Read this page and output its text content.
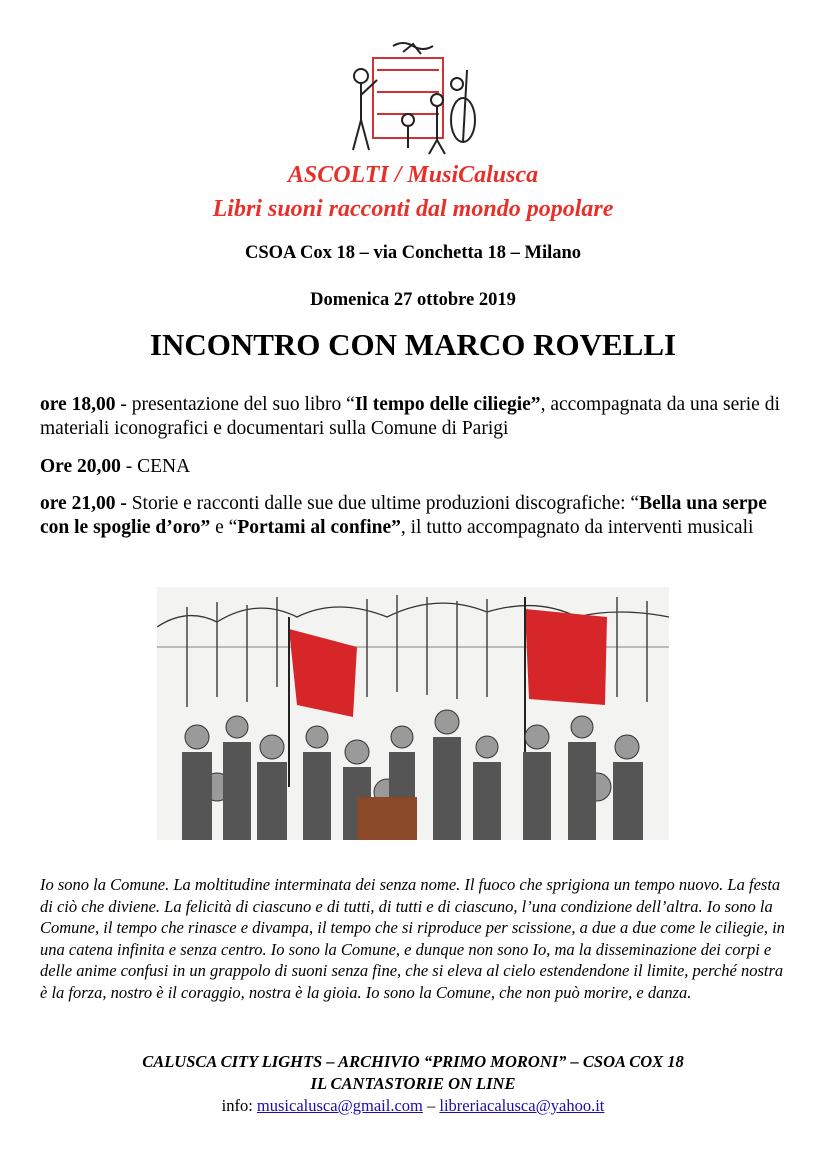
ASCOLTI / MusiCalusca
Libri suoni racconti dal mondo popolare
CSOA Cox 18 – via Conchetta 18 – Milano
Domenica 27 ottobre 2019
INCONTRO CON MARCO ROVELLI
ore 18,00 - presentazione del suo libro “Il tempo delle ciliegie”, accompagnata da una serie di materiali iconografici e documentari sulla Comune di Parigi
Ore 20,00 - CENA
ore 21,00 - Storie e racconti dalle sue due ultime produzioni discografiche: “Bella una serpe con le spoglie d’oro” e “Portami al confine”, il tutto accompagnato da interventi musicali
Io sono la Comune. La moltitudine interminata dei senza nome. Il fuoco che sprigiona un tempo nuovo. La festa di ciò che diviene. La felicità di ciascuno e di tutti, di tutti e di ciascuno, l’una condizione dell’altra. Io sono la Comune, il tempo che rinasce e divampa, il tempo che si riproduce per scissione, a due a due come le ciliegie, in una catena infinita e senza centro. Io sono la Comune, e dunque non sono Io, ma la disseminazione dei corpi e delle anime confusi in un grappolo di suoni senza fine, che si eleva al cielo estendendone il limite, perché nostra è la forza, nostro è il coraggio, nostra è la gioia. Io sono la Comune, che non può morire, e danza.
CALUSCA CITY LIGHTS – ARCHIVIO “PRIMO MORONI” – CSOA COX 18
IL CANTASTORIE ON LINE
info: musicalusca@gmail.com – libreriacalusca@yahoo.it
